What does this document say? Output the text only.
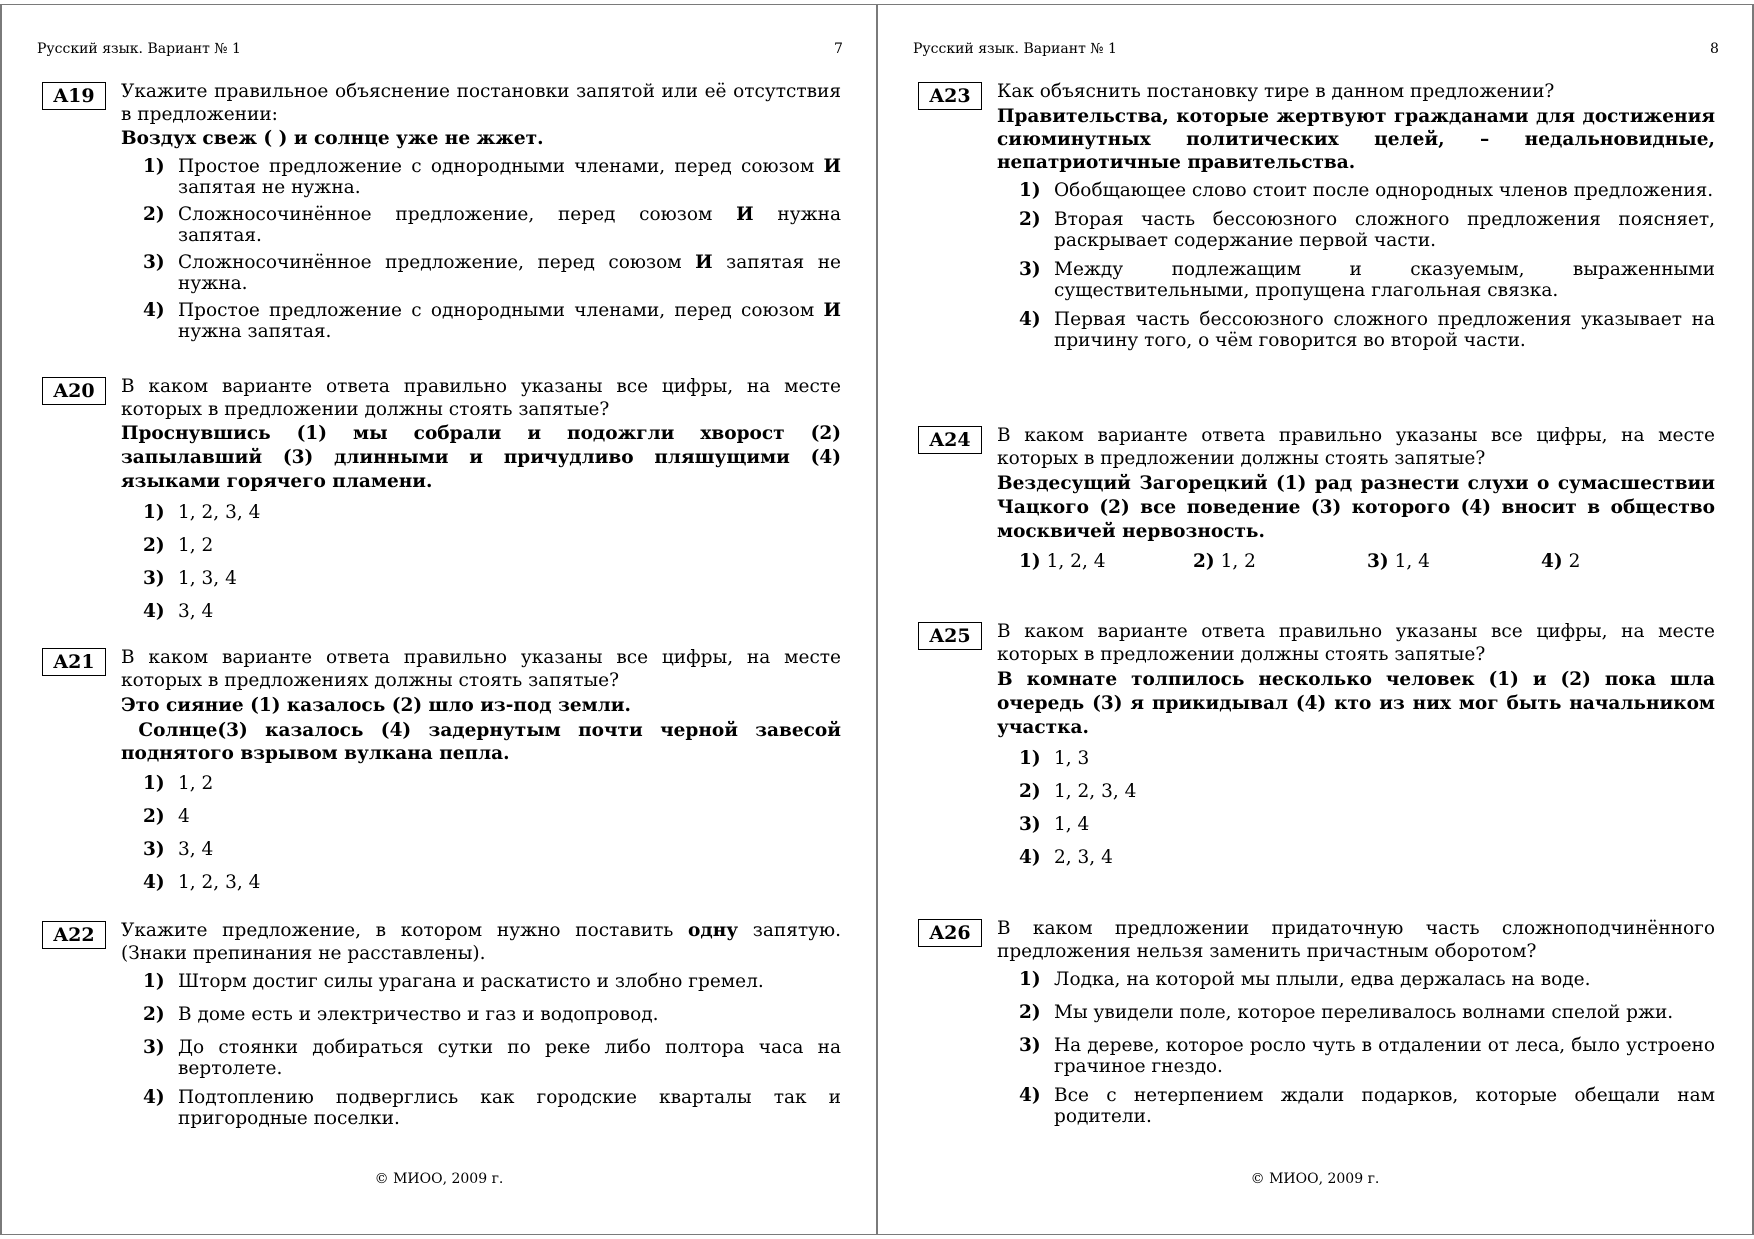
Русский язык. Вариант № 1	7
A19	Укажите правильное объяснение постановки запятой или её отсутствия в предложении:
Воздух свеж ( ) и солнце уже не жжет.
1) Простое предложение с однородными членами, перед союзом И запятая не нужна.
2) Сложносочинённое предложение, перед союзом И нужна запятая.
3) Сложносочинённое предложение, перед союзом И запятая не нужна.
4) Простое предложение с однородными членами, перед союзом И нужна запятая.
A20	В каком варианте ответа правильно указаны все цифры, на месте которых в предложении должны стоять запятые?
Проснувшись (1) мы собрали и подожгли хворост (2) запылавший (3) длинными и причудливо пляшущими (4) языками горячего пламени.
1) 1, 2, 3, 4
2) 1, 2
3) 1, 3, 4
4) 3, 4
A21	В каком варианте ответа правильно указаны все цифры, на месте которых в предложениях должны стоять запятые?
Это сияние (1) казалось (2) шло из-под земли.
Солнце(3) казалось (4) задернутым почти черной завесой поднятого взрывом вулкана пепла.
1) 1, 2
2) 4
3) 3, 4
4) 1, 2, 3, 4
A22	Укажите предложение, в котором нужно поставить одну запятую. (Знаки препинания не расставлены).
1) Шторм достиг силы урагана и раскатисто и злобно гремел.
2) В доме есть и электричество и газ и водопровод.
3) До стоянки добираться сутки по реке либо полтора часа на вертолете.
4) Подтоплению подверглись как городские кварталы так и пригородные поселки.
© МИОО, 2009 г.
Русский язык. Вариант № 1	8
A23	Как объяснить постановку тире в данном предложении?
Правительства, которые жертвуют гражданами для достижения сиюминутных политических целей, – недальновидные, непатриотичные правительства.
1) Обобщающее слово стоит после однородных членов предложения.
2) Вторая часть бессоюзного сложного предложения поясняет, раскрывает содержание первой части.
3) Между подлежащим и сказуемым, выраженными существительными, пропущена глагольная связка.
4) Первая часть бессоюзного сложного предложения указывает на причину того, о чём говорится во второй части.
A24	В каком варианте ответа правильно указаны все цифры, на месте которых в предложении должны стоять запятые?
Вездесущий Загорецкий (1) рад разнести слухи о сумасшествии Чацкого (2) все поведение (3) которого (4) вносит в общество москвичей нервозность.
1) 1, 2, 4	2) 1, 2	3) 1, 4	4) 2
A25	В каком варианте ответа правильно указаны все цифры, на месте которых в предложении должны стоять запятые?
В комнате толпилось несколько человек (1) и (2) пока шла очередь (3) я прикидывал (4) кто из них мог быть начальником участка.
1) 1, 3
2) 1, 2, 3, 4
3) 1, 4
4) 2, 3, 4
A26	В каком предложении придаточную часть сложноподчинённого предложения нельзя заменить причастным оборотом?
1) Лодка, на которой мы плыли, едва держалась на воде.
2) Мы увидели поле, которое переливалось волнами спелой ржи.
3) На дереве, которое росло чуть в отдалении от леса, было устроено грачиное гнездо.
4) Все с нетерпением ждали подарков, которые обещали нам родители.
© МИОО, 2009 г.
